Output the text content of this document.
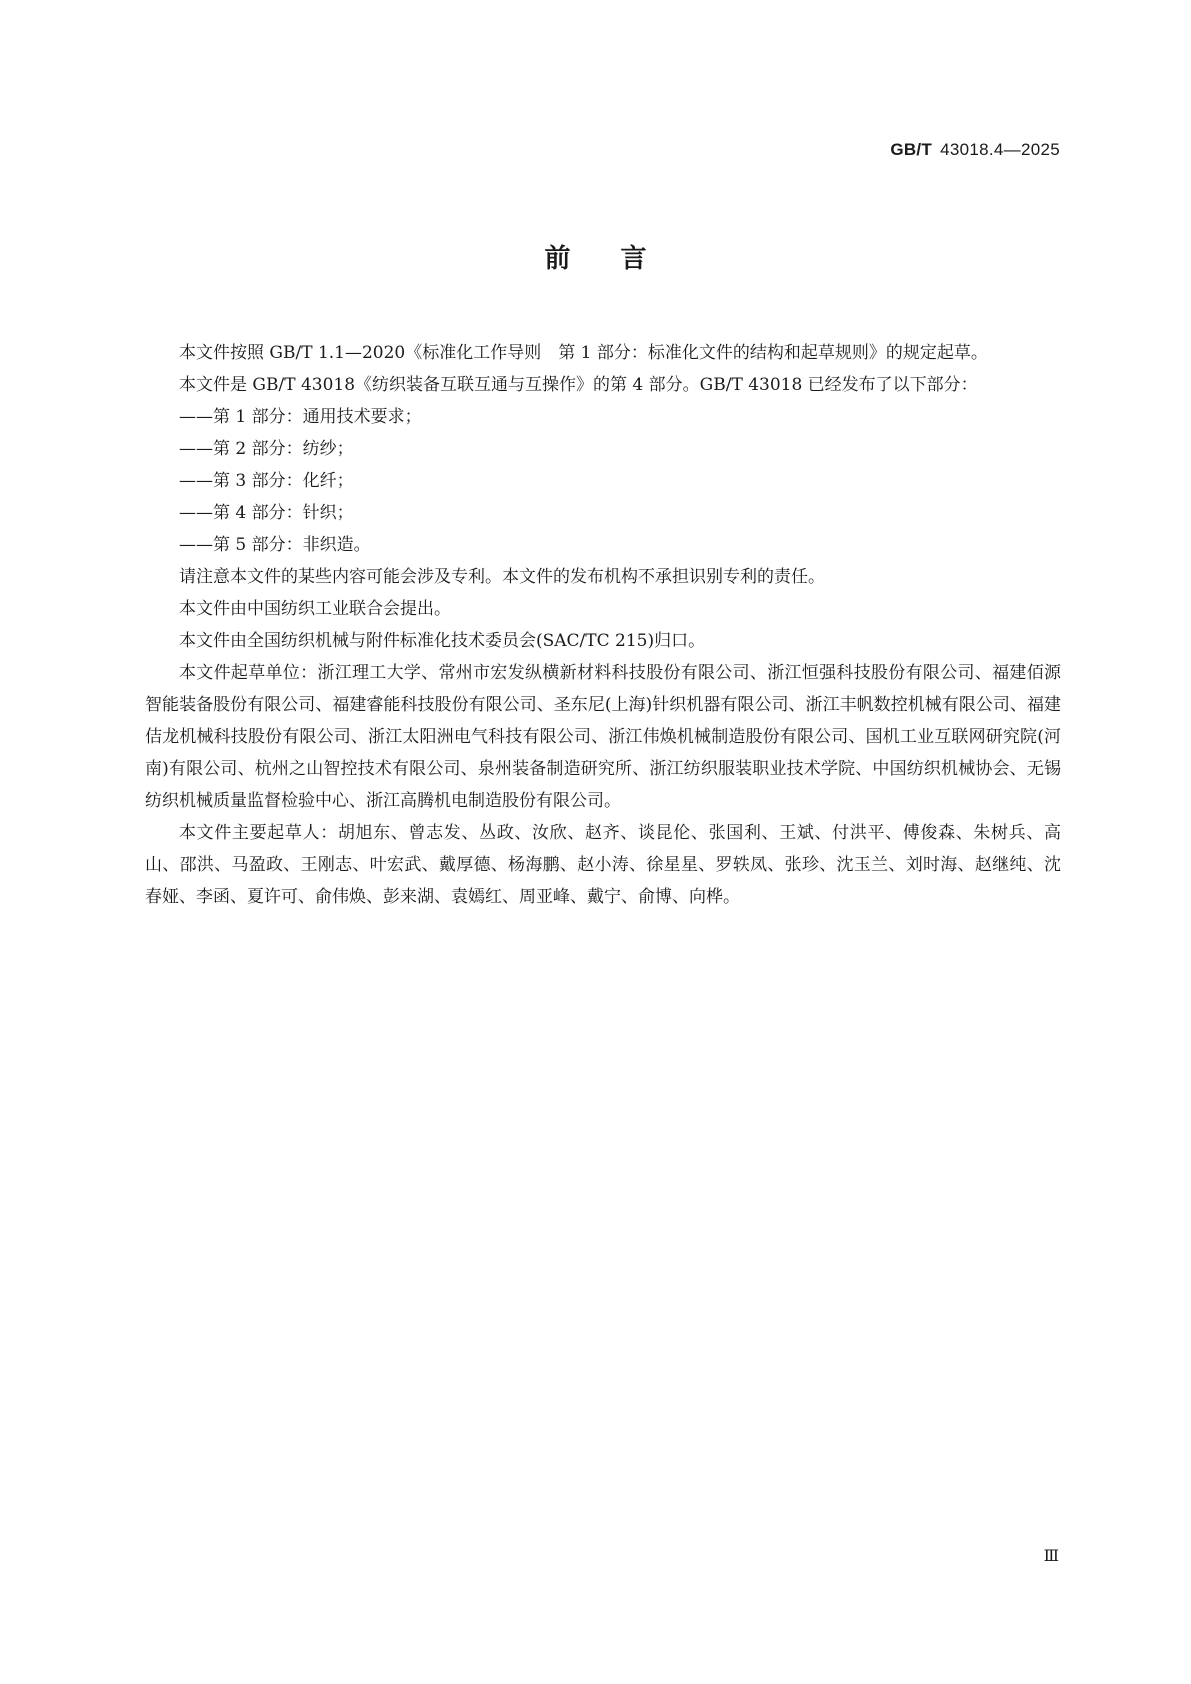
GB/T 43018.4—2025
前言

本文件按照 GB/T 1.1—2020《标准化工作导则　第 1 部分：标准化文件的结构和起草规则》的规定起草。

本文件是 GB/T 43018《纺织装备互联互通与互操作》的第 4 部分。GB/T 43018 已经发布了以下部分：

——第 1 部分：通用技术要求；
——第 2 部分：纺纱；
——第 3 部分：化纤；
——第 4 部分：针织；
——第 5 部分：非织造。

请注意本文件的某些内容可能会涉及专利。本文件的发布机构不承担识别专利的责任。

本文件由中国纺织工业联合会提出。

本文件由全国纺织机械与附件标准化技术委员会(SAC/TC 215)归口。

本文件起草单位：浙江理工大学、常州市宏发纵横新材料科技股份有限公司、浙江恒强科技股份有限公司、福建佰源智能装备股份有限公司、福建睿能科技股份有限公司、圣东尼(上海)针织机器有限公司、浙江丰帆数控机械有限公司、福建佶龙机械科技股份有限公司、浙江太阳洲电气科技有限公司、浙江伟焕机械制造股份有限公司、国机工业互联网研究院(河南)有限公司、杭州之山智控技术有限公司、泉州装备制造研究所、浙江纺织服装职业技术学院、中国纺织机械协会、无锡纺织机械质量监督检验中心、浙江高腾机电制造股份有限公司。

本文件主要起草人：胡旭东、曾志发、丛政、汝欣、赵齐、谈昆伦、张国利、王斌、付洪平、傅俊森、朱树兵、高山、邵洪、马盈政、王刚志、叶宏武、戴厚德、杨海鹏、赵小涛、徐星星、罗轶凤、张珍、沈玉兰、刘时海、赵继纯、沈春娅、李函、夏许可、俞伟焕、彭来湖、袁嫣红、周亚峰、戴宁、俞博、向桦。

Ⅲ
